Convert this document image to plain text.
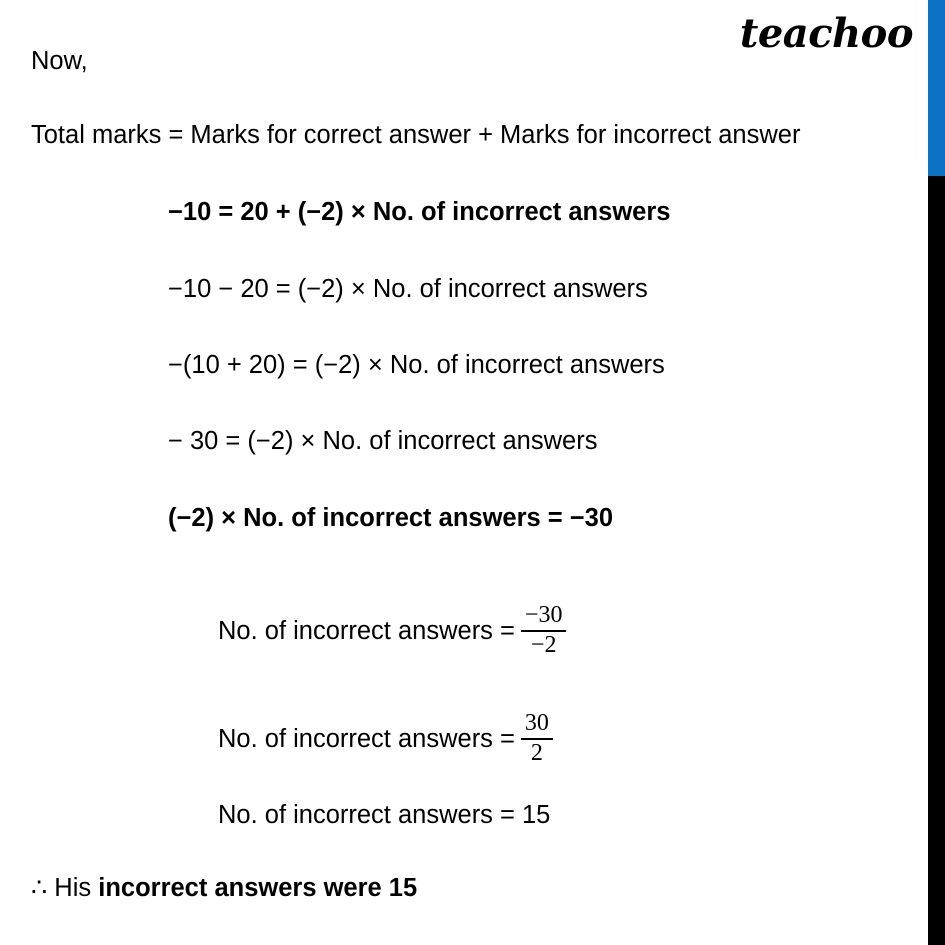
teachoo
Now,
Total marks = Marks for correct answer + Marks for incorrect answer
−10 = 20 + (−2) × No. of incorrect answers
−10 − 20 = (−2) × No. of incorrect answers
−(10 + 20) = (−2) × No. of incorrect answers
− 30 = (−2) × No. of incorrect answers
(−2) × No. of incorrect answers = −30
No. of incorrect answers = $\frac{-30}{-2}$
No. of incorrect answers = $\frac{30}{2}$
No. of incorrect answers = 15
∴ His incorrect answers were 15
